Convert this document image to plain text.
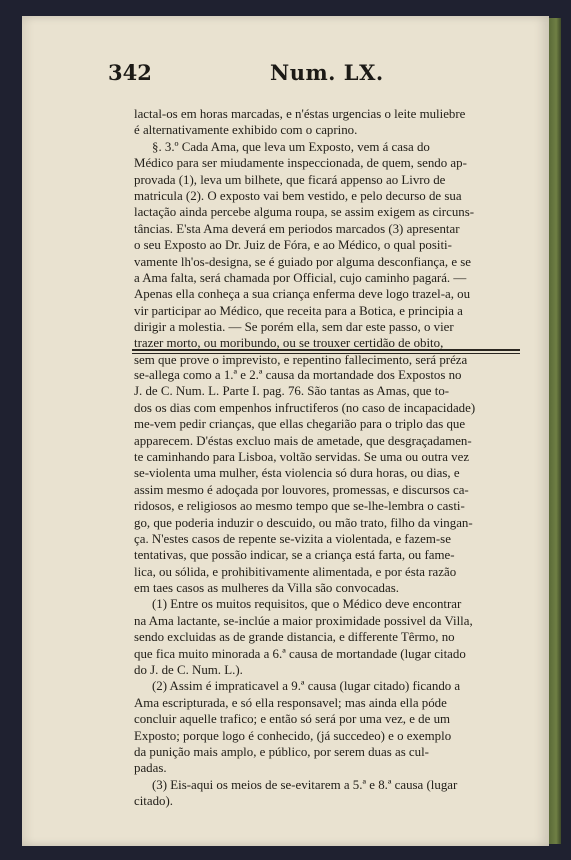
342	Num. LX.
lactal-os em horas marcadas, e n'éstas urgencias o leite muliebre
é alternativamente exhibido com o caprino.
§. 3.º Cada Ama, que leva um Exposto, vem á casa do
Médico para ser miudamente inspeccionada, de quem, sendo ap-
provada (1), leva um bilhete, que ficará appenso ao Livro de
matricula (2). O exposto vai bem vestido, e pelo decurso de sua
lactação ainda percebe alguma roupa, se assim exigem as circuns-
tâncias. E'sta Ama deverá em periodos marcados (3) apresentar
o seu Exposto ao Dr. Juiz de Fóra, e ao Médico, o qual positi-
vamente lh'os-designa, se é guiado por alguma desconfiança, e se
a Ama falta, será chamada por Official, cujo caminho pagará. —
Apenas ella conheça a sua criança enferma deve logo trazel-a, ou
vir participar ao Médico, que receita para a Botica, e principia a
dirigir a molestia. — Se porém ella, sem dar este passo, o vier
trazer morto, ou moribundo, ou se trouxer certidão de obito,
sem que prove o imprevisto, e repentino fallecimento, será préza
se-allega como a 1.ª e 2.ª causa da mortandade dos Expostos no
J. de C. Num. L. Parte I. pag. 76. São tantas as Amas, que to-
dos os dias com empenhos infructiferos (no caso de incapacidade)
me-vem pedir crianças, que ellas chegarião para o triplo das que
apparecem. D'éstas excluo mais de ametade, que desgraçadamen-
te caminhando para Lisboa, voltão servidas. Se uma ou outra vez
se-violenta uma mulher, ésta violencia só dura horas, ou dias, e
assim mesmo é adoçada por louvores, promessas, e discursos ca-
ridosos, e religiosos ao mesmo tempo que se-lhe-lembra o casti-
go, que poderia induzir o descuido, ou mão trato, filho da vingan-
ça. N'estes casos de repente se-vizita a violentada, e fazem-se
tentativas, que possão indicar, se a criança está farta, ou fame-
lica, ou sólida, e prohibitivamente alimentada, e por ésta razão
em taes casos as mulheres da Villa são convocadas.
(1) Entre os muitos requisitos, que o Médico deve encontrar
na Ama lactante, se-inclúe a maior proximidade possivel da Villa,
sendo excluidas as de grande distancia, e differente Têrmo, no
que fica muito minorada a 6.ª causa de mortandade (lugar citado
do J. de C. Num. L.).
(2) Assim é impraticavel a 9.ª causa (lugar citado) ficando a
Ama escripturada, e só ella responsavel; mas ainda ella póde
concluir aquelle trafico; e então só será por uma vez, e de um
Exposto; porque logo é conhecido, (já succedeo) e o exemplo
da punição mais amplo, e público, por serem duas as cul-
padas.
(3) Eis-aqui os meios de se-evitarem a 5.ª e 8.ª causa (lugar
citado).
